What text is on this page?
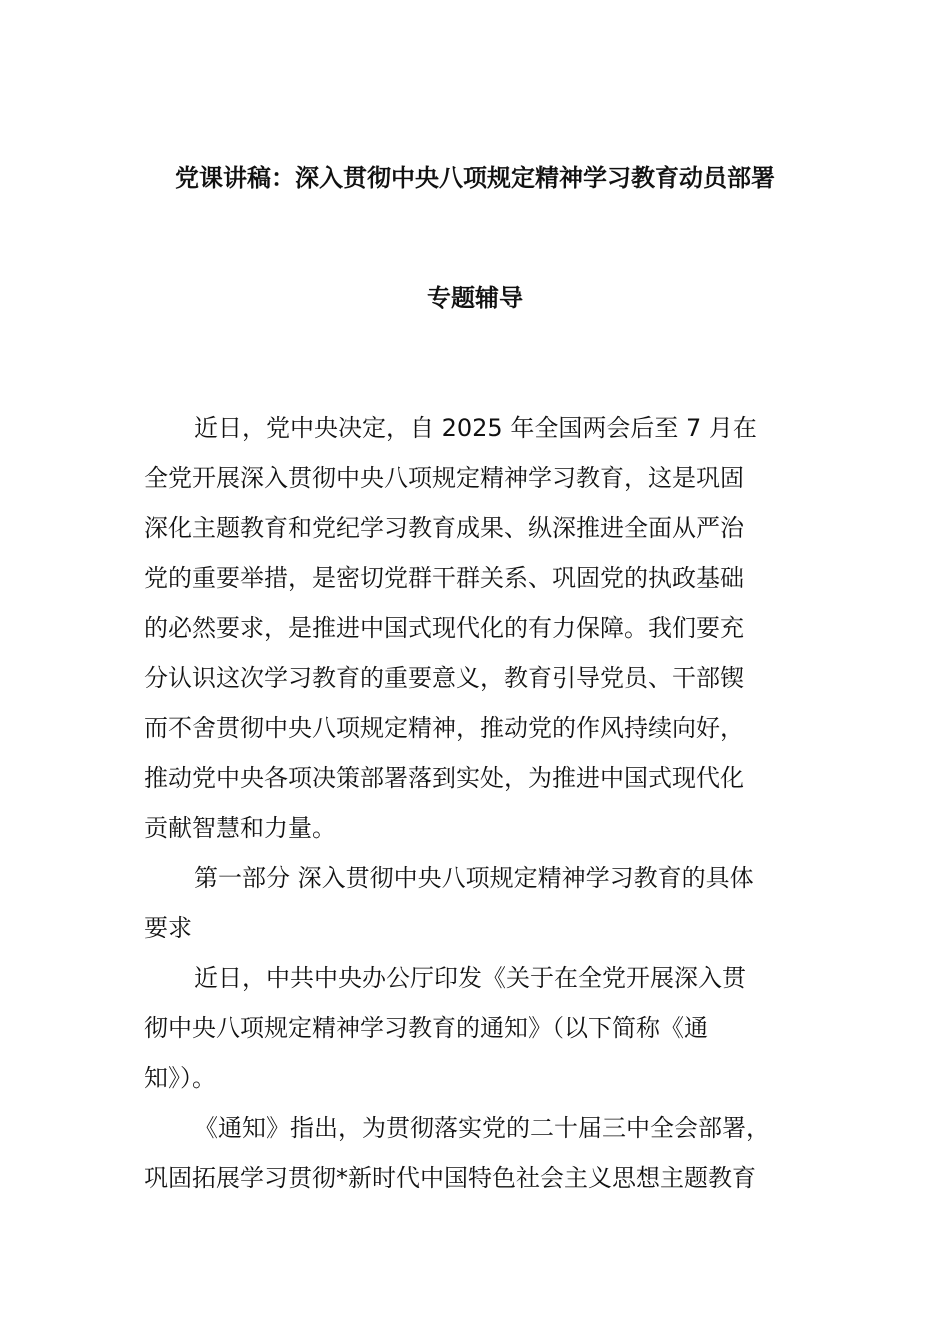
党课讲稿：深入贯彻中央八项规定精神学习教育动员部署
专题辅导
近日，党中央决定，自 2025 年全国两会后至 7 月在
全党开展深入贯彻中央八项规定精神学习教育，这是巩固
深化主题教育和党纪学习教育成果、纵深推进全面从严治
党的重要举措，是密切党群干群关系、巩固党的执政基础
的必然要求，是推进中国式现代化的有力保障。我们要充
分认识这次学习教育的重要意义，教育引导党员、干部锲
而不舍贯彻中央八项规定精神，推动党的作风持续向好，
推动党中央各项决策部署落到实处，为推进中国式现代化
贡献智慧和力量。
第一部分 深入贯彻中央八项规定精神学习教育的具体
要求
近日，中共中央办公厅印发《关于在全党开展深入贯
彻中央八项规定精神学习教育的通知》（以下简称《通
知》）。
《通知》指出，为贯彻落实党的二十届三中全会部署，
巩固拓展学习贯彻*新时代中国特色社会主义思想主题教育
